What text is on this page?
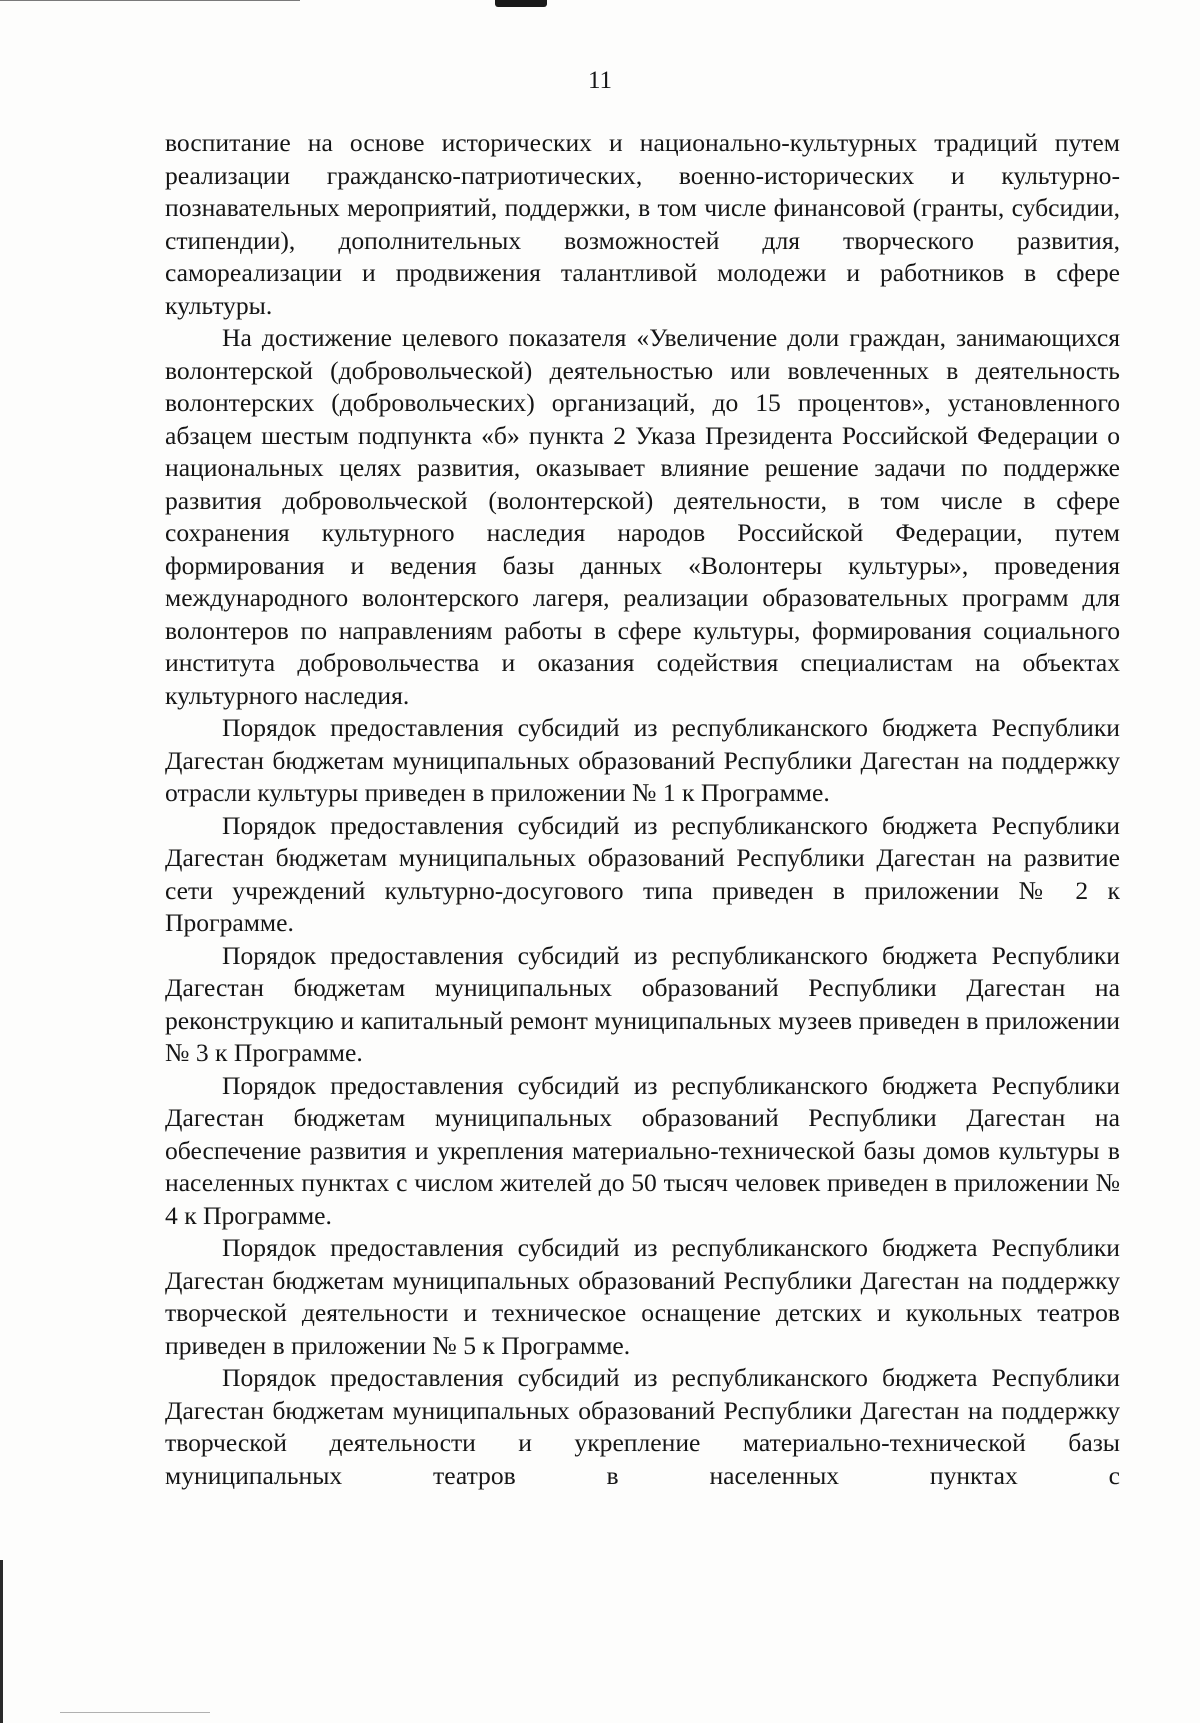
11

воспитание на основе исторических и национально-культурных традиций путем реализации гражданско-патриотических, военно-исторических и культурно-познавательных мероприятий, поддержки, в том числе финансовой (гранты, субсидии, стипендии), дополнительных возможностей для творческого развития, самореализации и продвижения талантливой молодежи и работников в сфере культуры.

На достижение целевого показателя «Увеличение доли граждан, занимающихся волонтерской (добровольческой) деятельностью или вовлеченных в деятельность волонтерских (добровольческих) организаций, до 15 процентов», установленного абзацем шестым подпункта «б» пункта 2 Указа Президента Российской Федерации о национальных целях развития, оказывает влияние решение задачи по поддержке развития добровольческой (волонтерской) деятельности, в том числе в сфере сохранения культурного наследия народов Российской Федерации, путем формирования и ведения базы данных «Волонтеры культуры», проведения международного волонтерского лагеря, реализации образовательных программ для волонтеров по направлениям работы в сфере культуры, формирования социального института добровольчества и оказания содействия специалистам на объектах культурного наследия.

Порядок предоставления субсидий из республиканского бюджета Республики Дагестан бюджетам муниципальных образований Республики Дагестан на поддержку отрасли культуры приведен в приложении № 1 к Программе.

Порядок предоставления субсидий из республиканского бюджета Республики Дагестан бюджетам муниципальных образований Республики Дагестан на развитие сети учреждений культурно-досугового типа приведен в приложении № 2 к Программе.

Порядок предоставления субсидий из республиканского бюджета Республики Дагестан бюджетам муниципальных образований Республики Дагестан на реконструкцию и капитальный ремонт муниципальных музеев приведен в приложении № 3 к Программе.

Порядок предоставления субсидий из республиканского бюджета Республики Дагестан бюджетам муниципальных образований Республики Дагестан на обеспечение развития и укрепления материально-технической базы домов культуры в населенных пунктах с числом жителей до 50 тысяч человек приведен в приложении № 4 к Программе.

Порядок предоставления субсидий из республиканского бюджета Республики Дагестан бюджетам муниципальных образований Республики Дагестан на поддержку творческой деятельности и техническое оснащение детских и кукольных театров приведен в приложении № 5 к Программе.

Порядок предоставления субсидий из республиканского бюджета Республики Дагестан бюджетам муниципальных образований Республики Дагестан на поддержку творческой деятельности и укрепление материально-технической базы муниципальных театров в населенных пунктах с
